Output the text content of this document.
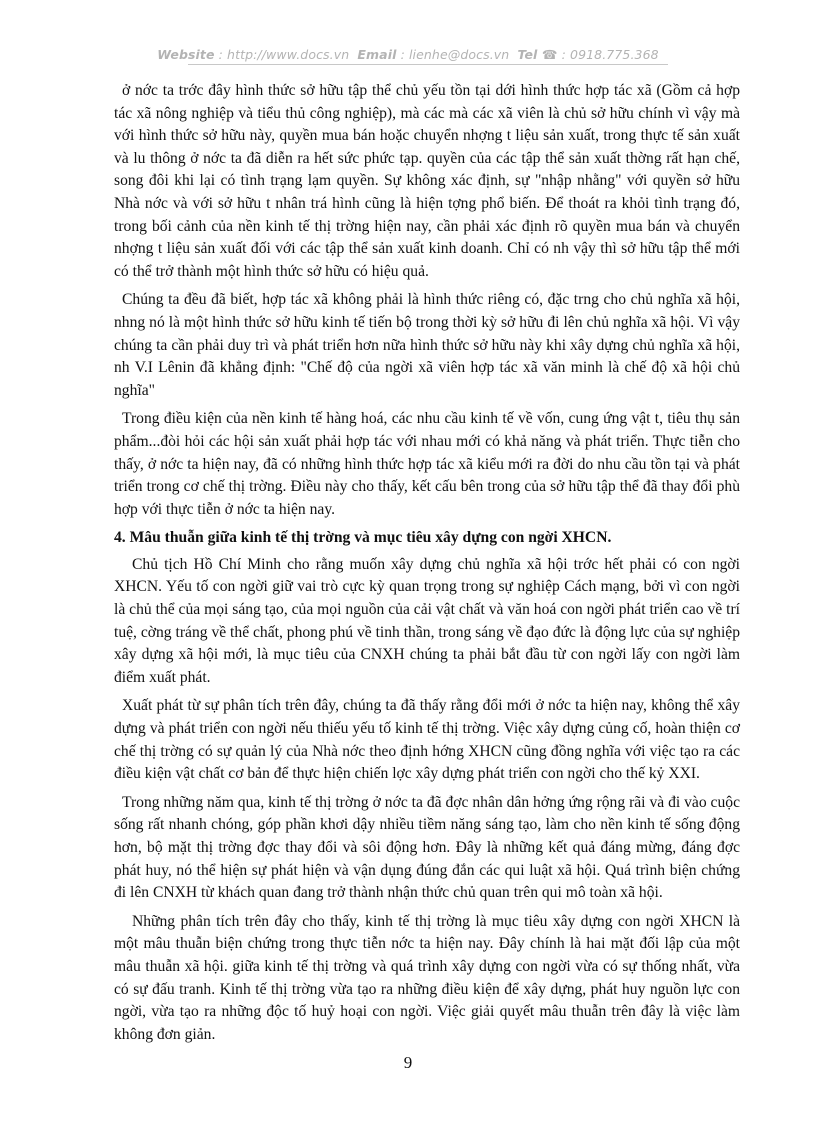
Website : http://www.docs.vn Email : lienhe@docs.vn Tel ☎ : 0918.775.368

ở nớc ta trớc đây hình thức sở hữu tập thể chủ yếu tồn tại dới hình thức hợp tác xã (Gồm cả hợp tác xã nông nghiệp và tiểu thủ công nghiệp), mà các mà các xã viên là chủ sở hữu chính vì vậy mà với hình thức sở hữu này, quyền mua bán hoặc chuyển nhợng t liệu sản xuất, trong thực tế sản xuất và lu thông ở nớc ta đã diễn ra hết sức phức tạp. quyền của các tập thể sản xuất thờng rất hạn chế, song đôi khi lại có tình trạng lạm quyền. Sự không xác định, sự "nhập nhằng" với quyền sở hữu Nhà nớc và với sở hữu t nhân trá hình cũng là hiện tợng phổ biến. Để thoát ra khỏi tình trạng đó, trong bối cảnh của nền kinh tế thị trờng hiện nay, cần phải xác định rõ quyền mua bán và chuyển nhợng t liệu sản xuất đối với các tập thể sản xuất kinh doanh. Chỉ có nh vậy thì sở hữu tập thể mới có thể trở thành một hình thức sở hữu có hiệu quả.

Chúng ta đều đã biết, hợp tác xã không phải là hình thức riêng có, đặc trng cho chủ nghĩa xã hội, nhng nó là một hình thức sở hữu kinh tế tiến bộ trong thời kỳ sở hữu đi lên chủ nghĩa xã hội. Vì vậy chúng ta cần phải duy trì và phát triển hơn nữa hình thức sở hữu này khi xây dựng chủ nghĩa xã hội, nh V.I Lênin đã khẳng định: "Chế độ của ngời xã viên hợp tác xã văn minh là chế độ xã hội chủ nghĩa"

Trong điều kiện của nền kinh tế hàng hoá, các nhu cầu kinh tế về vốn, cung ứng vật t, tiêu thụ sản phẩm...đòi hỏi các hội sản xuất phải hợp tác với nhau mới có khả năng và phát triển. Thực tiễn cho thấy, ở nớc ta hiện nay, đã có những hình thức hợp tác xã kiểu mới ra đời do nhu cầu tồn tại và phát triển trong cơ chế thị trờng. Điều này cho thấy, kết cấu bên trong của sở hữu tập thể đã thay đổi phù hợp với thực tiễn ở nớc ta hiện nay.

4. Mâu thuẫn giữa kinh tế thị trờng và mục tiêu xây dựng con ngời XHCN.

Chủ tịch Hồ Chí Minh cho rằng muốn xây dựng chủ nghĩa xã hội trớc hết phải có con ngời XHCN. Yếu tố con ngời giữ vai trò cực kỳ quan trọng trong sự nghiệp Cách mạng, bởi vì con ngời là chủ thể của mọi sáng tạo, của mọi nguồn của cải vật chất và văn hoá con ngời phát triển cao về trí tuệ, cờng tráng về thể chất, phong phú về tinh thần, trong sáng về đạo đức là động lực của sự nghiệp xây dựng xã hội mới, là mục tiêu của CNXH chúng ta phải bắt đầu từ con ngời lấy con ngời làm điểm xuất phát.

Xuất phát từ sự phân tích trên đây, chúng ta đã thấy rằng đổi mới ở nớc ta hiện nay, không thể xây dựng và phát triển con ngời nếu thiếu yếu tố kinh tế thị trờng. Việc xây dựng củng cố, hoàn thiện cơ chế thị trờng có sự quản lý của Nhà nớc theo định hớng XHCN cũng đồng nghĩa với việc tạo ra các điều kiện vật chất cơ bản để thực hiện chiến lợc xây dựng phát triển con ngời cho thế kỷ XXI.

Trong những năm qua, kinh tế thị trờng ở nớc ta đã đợc nhân dân hởng ứng rộng rãi và đi vào cuộc sống rất nhanh chóng, góp phần khơi dậy nhiều tiềm năng sáng tạo, làm cho nền kinh tế sống động hơn, bộ mặt thị trờng đợc thay đổi và sôi động hơn. Đây là những kết quả đáng mừng, đáng đợc phát huy, nó thể hiện sự phát hiện và vận dụng đúng đắn các qui luật xã hội. Quá trình biện chứng đi lên CNXH từ khách quan đang trở thành nhận thức chủ quan trên qui mô toàn xã hội.

Những phân tích trên đây cho thấy, kinh tế thị trờng là mục tiêu xây dựng con ngời XHCN là một mâu thuẫn biện chứng trong thực tiễn nớc ta hiện nay. Đây chính là hai mặt đối lập của một mâu thuẫn xã hội. giữa kinh tế thị trờng và quá trình xây dựng con ngời vừa có sự thống nhất, vừa có sự đấu tranh. Kinh tế thị trờng vừa tạo ra những điều kiện để xây dựng, phát huy nguồn lực con ngời, vừa tạo ra những độc tố huỷ hoại con ngời. Việc giải quyết mâu thuẫn trên đây là việc làm không đơn giản.

9
